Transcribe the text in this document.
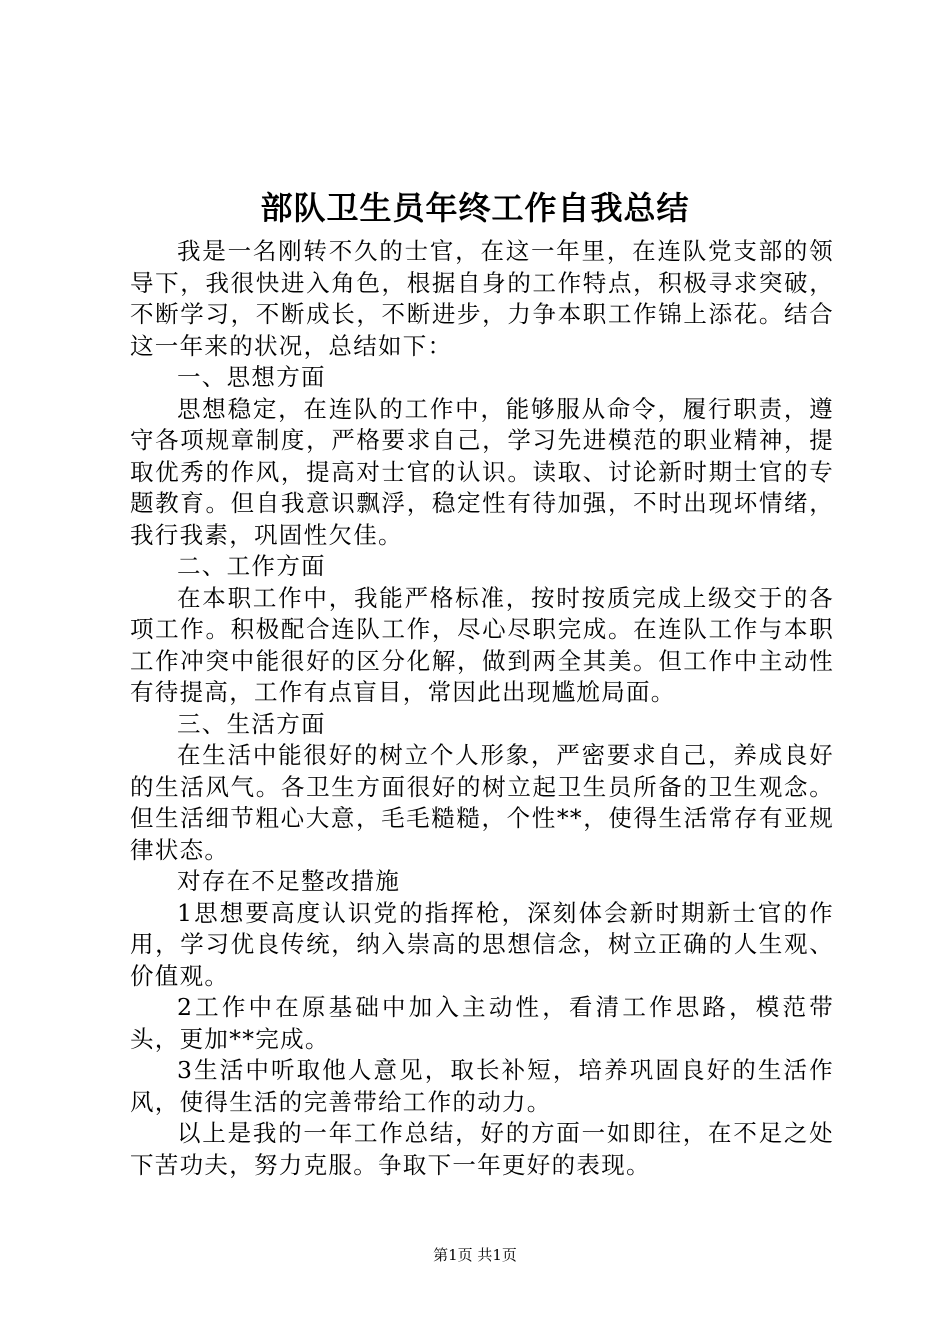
部队卫生员年终工作自我总结

我是一名刚转不久的士官，在这一年里，在连队党支部的领导下，我很快进入角色，根据自身的工作特点，积极寻求突破，不断学习，不断成长，不断进步，力争本职工作锦上添花。结合这一年来的状况，总结如下：

一、思想方面

思想稳定，在连队的工作中，能够服从命令，履行职责，遵守各项规章制度，严格要求自己，学习先进模范的职业精神，提取优秀的作风，提高对士官的认识。读取、讨论新时期士官的专题教育。但自我意识飘浮，稳定性有待加强，不时出现坏情绪，我行我素，巩固性欠佳。

二、工作方面

在本职工作中，我能严格标准，按时按质完成上级交于的各项工作。积极配合连队工作，尽心尽职完成。在连队工作与本职工作冲突中能很好的区分化解，做到两全其美。但工作中主动性有待提高，工作有点盲目，常因此出现尴尬局面。

三、生活方面

在生活中能很好的树立个人形象，严密要求自己，养成良好的生活风气。各卫生方面很好的树立起卫生员所备的卫生观念。但生活细节粗心大意，毛毛糙糙，个性**，使得生活常存有亚规律状态。

对存在不足整改措施

1思想要高度认识党的指挥枪，深刻体会新时期新士官的作用，学习优良传统，纳入崇高的思想信念，树立正确的人生观、价值观。

2工作中在原基础中加入主动性，看清工作思路，模范带头，更加**完成。

3生活中听取他人意见，取长补短，培养巩固良好的生活作风，使得生活的完善带给工作的动力。

以上是我的一年工作总结，好的方面一如即往，在不足之处下苦功夫，努力克服。争取下一年更好的表现。

第1页 共1页
